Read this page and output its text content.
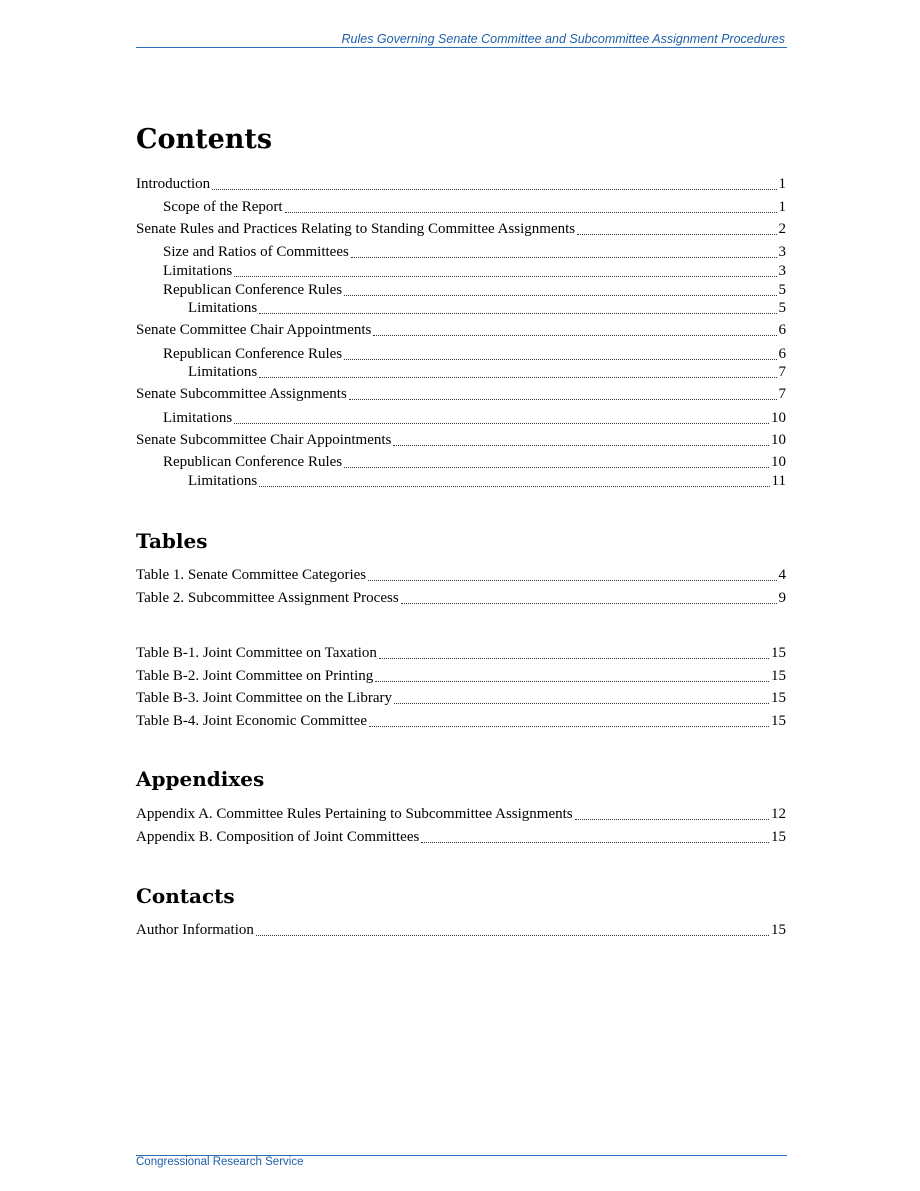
Rules Governing Senate Committee and Subcommittee Assignment Procedures
Contents
Introduction	1
Scope of the Report	1
Senate Rules and Practices Relating to Standing Committee Assignments	2
Size and Ratios of Committees	3
Limitations	3
Republican Conference Rules	5
Limitations	5
Senate Committee Chair Appointments	6
Republican Conference Rules	6
Limitations	7
Senate Subcommittee Assignments	7
Limitations	10
Senate Subcommittee Chair Appointments	10
Republican Conference Rules	10
Limitations	11
Tables
Table 1. Senate Committee Categories	4
Table 2. Subcommittee Assignment Process	9
Table B-1. Joint Committee on Taxation	15
Table B-2. Joint Committee on Printing	15
Table B-3. Joint Committee on the Library	15
Table B-4. Joint Economic Committee	15
Appendixes
Appendix A. Committee Rules Pertaining to Subcommittee Assignments	12
Appendix B. Composition of Joint Committees	15
Contacts
Author Information	15
Congressional Research Service
